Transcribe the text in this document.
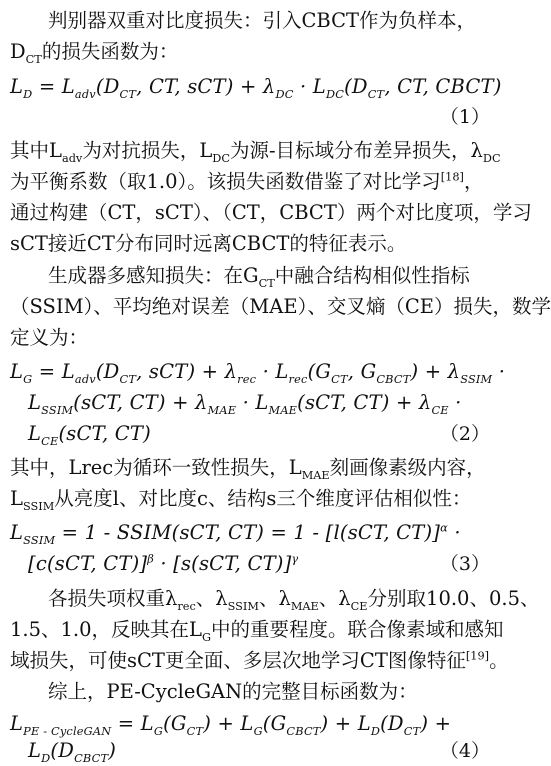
判别器双重对比度损失：引入CBCT作为负样本，
$D_{CT}$的损失函数为：
$L_D = L_{adv}(D_{CT}$, CT, $sCT) + \lambda_{DC} \cdot L_{DC}(D_{CT}$, CT, CBCT)
（1）
其中$L_{adv}$为对抗损失，$L_{DC}$为源-目标域分布差异损失，$\lambda_{DC}$
为平衡系数（取1.0）。该损失函数借鉴了对比学习[18]，
通过构建（CT，sCT）、（CT，CBCT）两个对比度项，学习
sCT接近CT分布同时远离CBCT的特征表示。
生成器多感知损失：在$G_{CT}$中融合结构相似性指标
（SSIM）、平均绝对误差（MAE）、交叉熵（CE）损失，数学
定义为：
$L_G = L_{adv}(D_{CT}$, $sCT) + \lambda_{rec} \cdot L_{rec}(G_{CT}$, $G_{CBCT}) + \lambda_{SSIM}$ ·
$L_{SSIM}(sCT$, $CT) + \lambda_{MAE} \cdot L_{MAE}(sCT$, $CT) + \lambda_{CE}$ ·
$L_{CE}(sCT$, CT)	（2）
其中，Lrec为循环一致性损失，$L_{MAE}$刻画像素级内容，
$L_{SSIM}$从亮度l、对比度c、结构s三个维度评估相似性：
$L_{SSIM} = 1$ - SSIM(sCT, CT) = 1 - [l(sCT, CT)]$^\alpha$ ·
[c(sCT, CT)]$^\beta$ · [s(sCT, CT)]$^\gamma$	（3）
各损失项权重$\lambda_{rec}$、$\lambda_{SSIM}$、$\lambda_{MAE}$、$\lambda_{CE}$分别取10.0、0.5、
1.5、1.0，反映其在$L_G$中的重要程度。联合像素域和感知
域损失，可使sCT更全面、多层次地学习CT图像特征[19]。
综上，PE-CycleGAN的完整目标函数为：
$L_{PE - CycleGAN} = L_G(G_{CT}) + L_G(G_{CBCT}) + L_D(D_{CT})$ +
$L_D(D_{CBCT})$	（4）
